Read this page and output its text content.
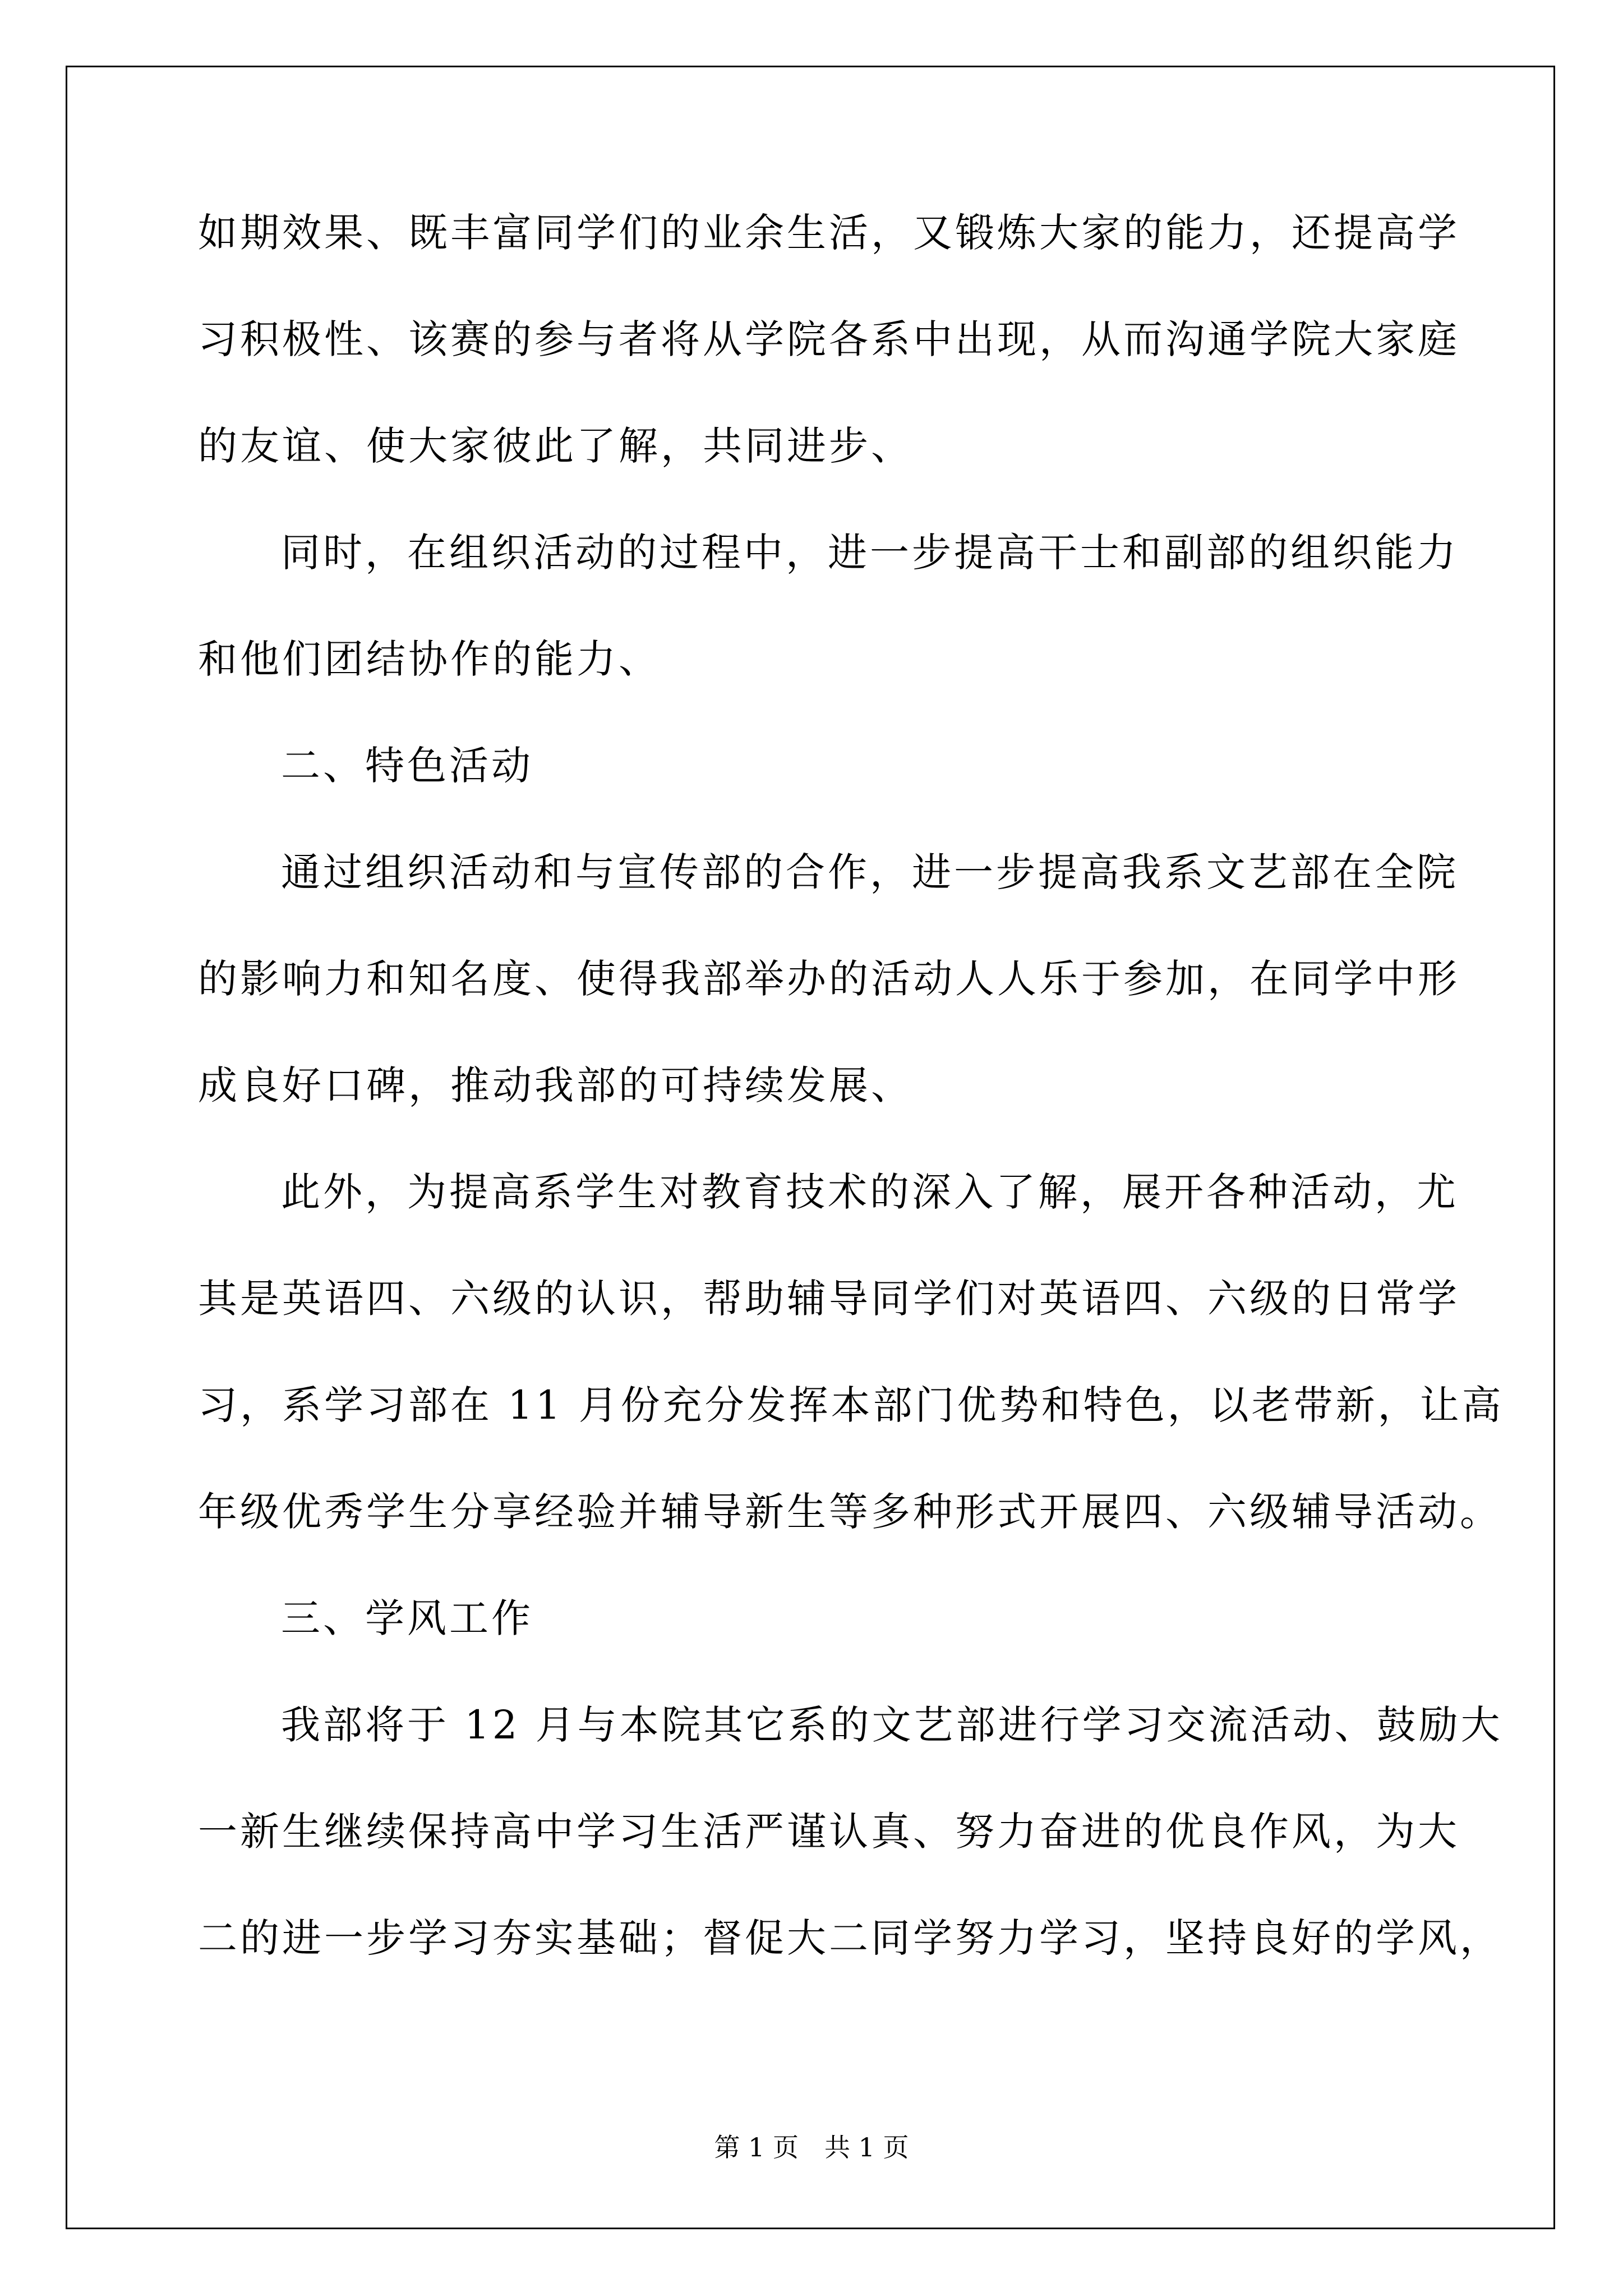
如期效果、既丰富同学们的业余生活，又锻炼大家的能力，还提高学
习积极性、该赛的参与者将从学院各系中出现，从而沟通学院大家庭
的友谊、使大家彼此了解，共同进步、
同时，在组织活动的过程中，进一步提高干士和副部的组织能力
和他们团结协作的能力、
二、特色活动
通过组织活动和与宣传部的合作，进一步提高我系文艺部在全院
的影响力和知名度、使得我部举办的活动人人乐于参加，在同学中形
成良好口碑，推动我部的可持续发展、
此外，为提高系学生对教育技术的深入了解，展开各种活动，尤
其是英语四、六级的认识，帮助辅导同学们对英语四、六级的日常学
习，系学习部在 11 月份充分发挥本部门优势和特色，以老带新，让高
年级优秀学生分享经验并辅导新生等多种形式开展四、六级辅导活动。
三、学风工作
我部将于 12 月与本院其它系的文艺部进行学习交流活动、鼓励大
一新生继续保持高中学习生活严谨认真、努力奋进的优良作风，为大
二的进一步学习夯实基础；督促大二同学努力学习，坚持良好的学风，
第 1 页　共 1 页
